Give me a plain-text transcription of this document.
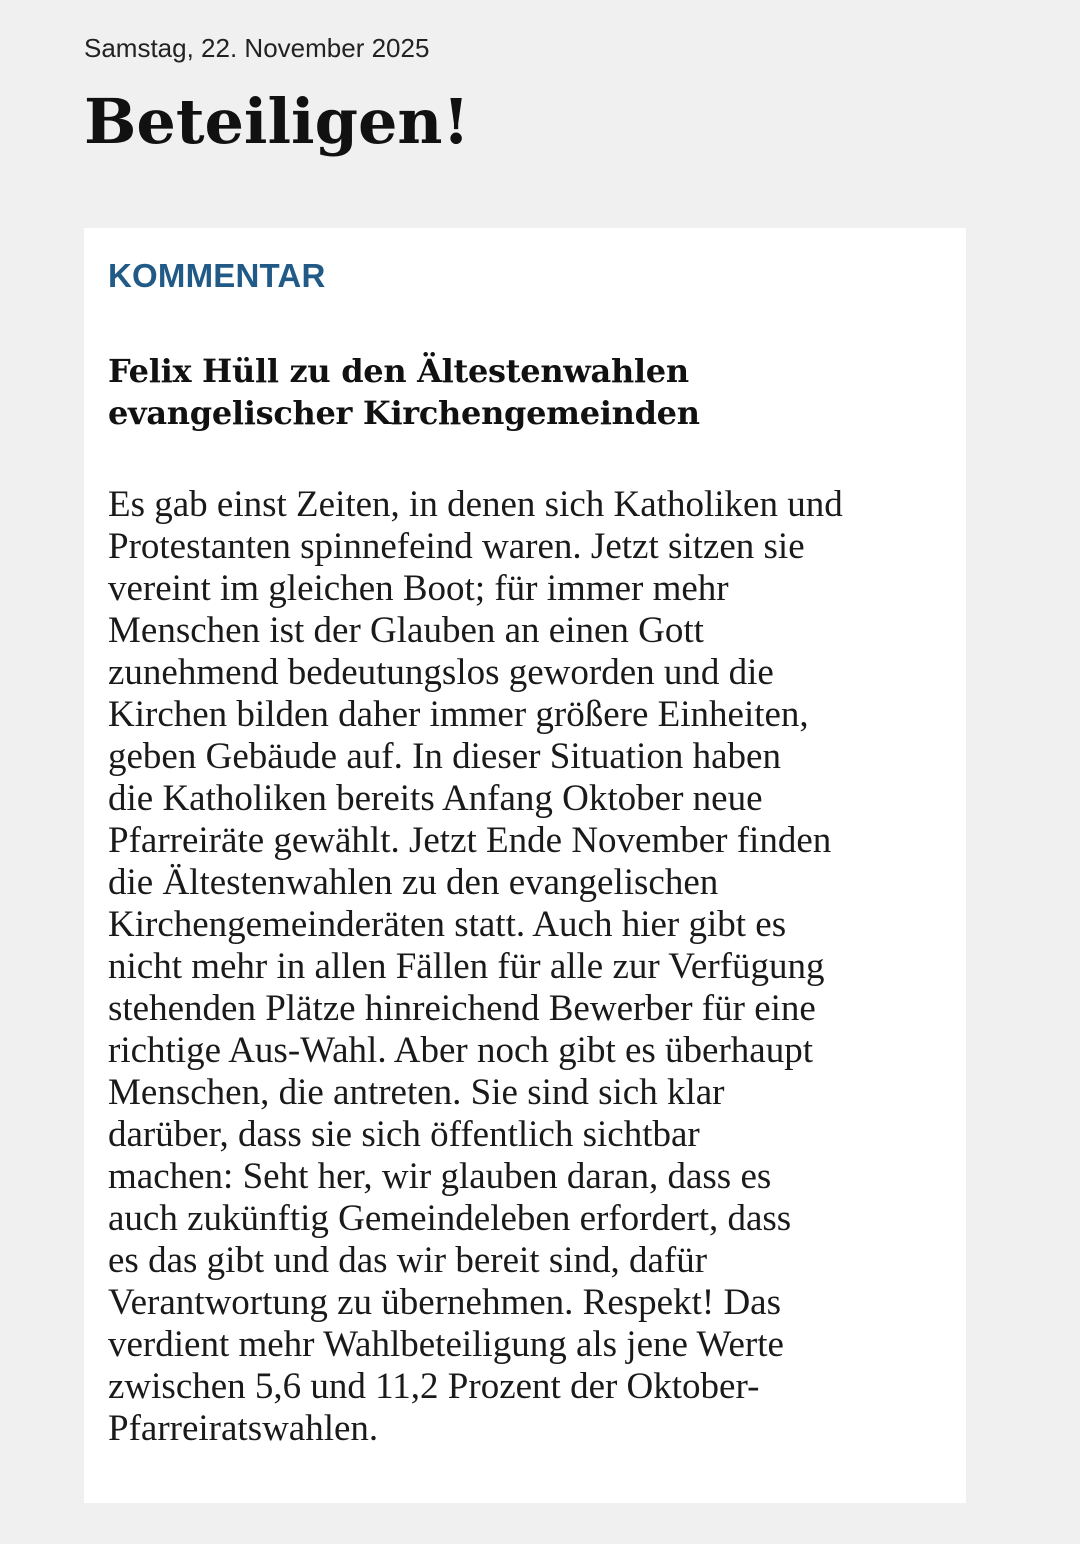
Samstag, 22. November 2025
Beteiligen!
KOMMENTAR
Felix Hüll zu den Ältestenwahlen
evangelischer Kirchengemeinden
Es gab einst Zeiten, in denen sich Katholiken und
Protestanten spinnefeind waren. Jetzt sitzen sie
vereint im gleichen Boot; für immer mehr
Menschen ist der Glauben an einen Gott
zunehmend bedeutungslos geworden und die
Kirchen bilden daher immer größere Einheiten,
geben Gebäude auf. In dieser Situation haben
die Katholiken bereits Anfang Oktober neue
Pfarreiräte gewählt. Jetzt Ende November finden
die Ältestenwahlen zu den evangelischen
Kirchengemeinderäten statt. Auch hier gibt es
nicht mehr in allen Fällen für alle zur Verfügung
stehenden Plätze hinreichend Bewerber für eine
richtige Aus-Wahl. Aber noch gibt es überhaupt
Menschen, die antreten. Sie sind sich klar
darüber, dass sie sich öffentlich sichtbar
machen: Seht her, wir glauben daran, dass es
auch zukünftig Gemeindeleben erfordert, dass
es das gibt und das wir bereit sind, dafür
Verantwortung zu übernehmen. Respekt! Das
verdient mehr Wahlbeteiligung als jene Werte
zwischen 5,6 und 11,2 Prozent der Oktober-
Pfarreiratswahlen.
